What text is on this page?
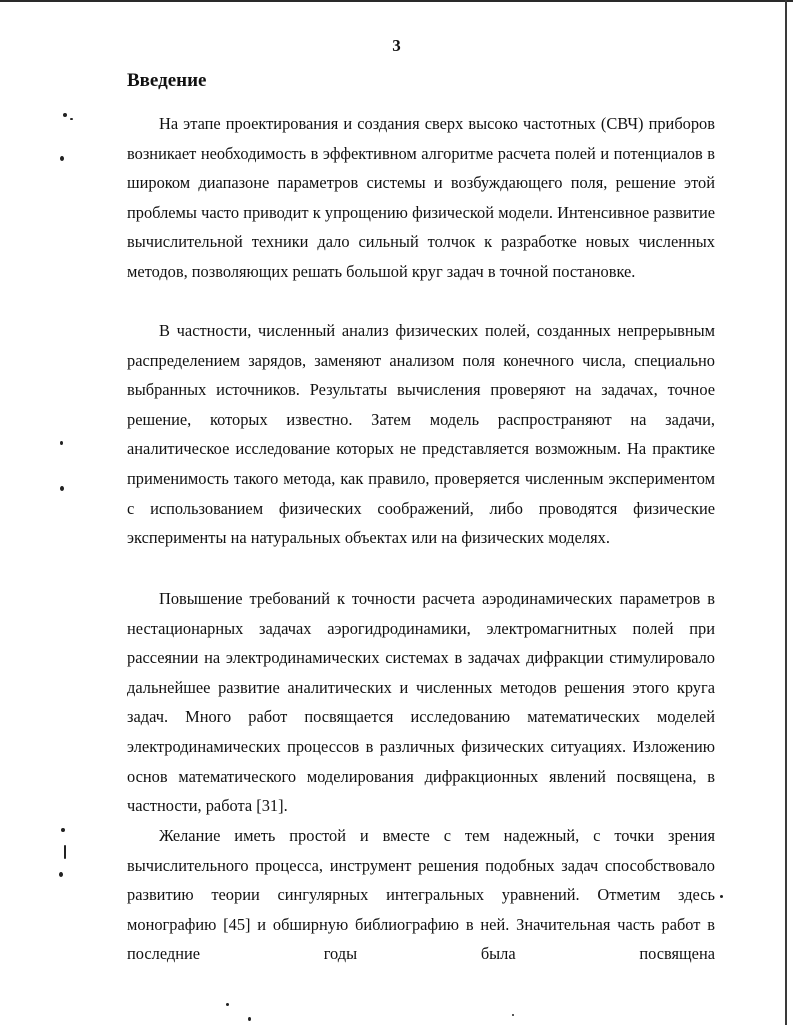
3
Введение

На этапе проектирования и создания сверх высоко частотных (СВЧ) приборов возникает необходимость в эффективном алгоритме расчета полей и потенциалов в широком диапазоне параметров системы и возбуждающего поля, решение этой проблемы часто приводит к упрощению физической модели. Интенсивное развитие вычислительной техники дало сильный толчок к разработке новых численных методов, позволяющих решать большой круг задач в точной постановке.

В частности, численный анализ физических полей, созданных непрерывным распределением зарядов, заменяют анализом поля конечного числа, специально выбранных источников. Результаты вычисления проверяют на задачах, точное решение, которых известно. Затем модель распространяют на задачи, аналитическое исследование которых не представляется возможным. На практике применимость такого метода, как правило, проверяется численным экспериментом с использованием физических соображений, либо проводятся физические эксперименты на натуральных объектах или на физических моделях.

Повышение требований к точности расчета аэродинамических параметров в нестационарных задачах аэрогидродинамики, электромагнитных полей при рассеянии на электродинамических системах в задачах дифракции стимулировало дальнейшее развитие аналитических и численных методов решения этого круга задач. Много работ посвящается исследованию математических моделей электродинамических процессов в различных физических ситуациях. Изложению основ математического моделирования дифракционных явлений посвящена, в частности, работа [31].

Желание иметь простой и вместе с тем надежный, с точки зрения вычислительного процесса, инструмент решения подобных задач способствовало развитию теории сингулярных интегральных уравнений. Отметим здесь монографию [45] и обширную библиографию в ней. Значительная часть работ в последние годы была посвящена
